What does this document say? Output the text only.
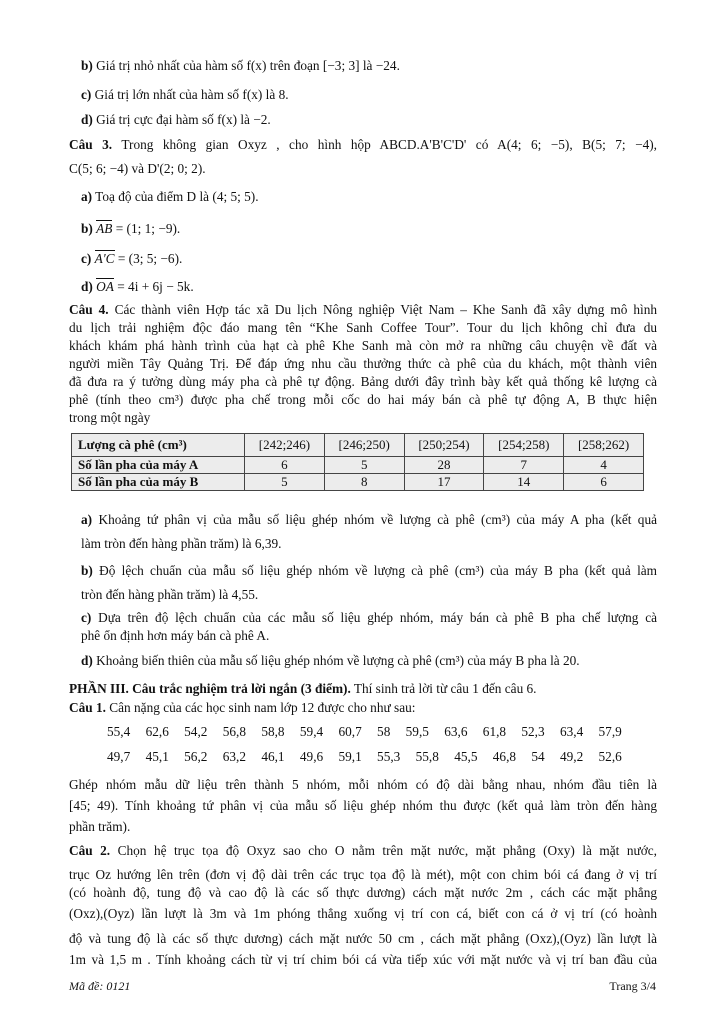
b) Giá trị nhỏ nhất của hàm số f(x) trên đoạn [−3; 3] là −24.
c) Giá trị lớn nhất của hàm số f(x) là 8.
d) Giá trị cực đại hàm số f(x) là −2.
Câu 3. Trong không gian Oxyz , cho hình hộp ABCD.A'B'C'D' có A(4; 6; −5), B(5; 7; −4),
C(5; 6; −4) và D'(2; 0; 2).
a) Toạ độ của điểm D là (4; 5; 5).
b) AB = (1; 1; −9).
c) A'C = (3; 5; −6).
d) OA = 4i + 6j − 5k.
Câu 4. Các thành viên Hợp tác xã Du lịch Nông nghiệp Việt Nam – Khe Sanh đã xây dựng mô hình
du lịch trải nghiệm độc đáo mang tên “Khe Sanh Coffee Tour”. Tour du lịch không chỉ đưa du
khách khám phá hành trình của hạt cà phê Khe Sanh mà còn mở ra những câu chuyện về đất và
người miền Tây Quảng Trị. Để đáp ứng nhu cầu thưởng thức cà phê của du khách, một thành viên
đã đưa ra ý tưởng dùng máy pha cà phê tự động. Bảng dưới đây trình bày kết quả thống kê lượng cà
phê (tính theo cm³) được pha chế trong mỗi cốc do hai máy bán cà phê tự động A, B thực hiện
trong một ngày
Lượng cà phê (cm³)	[242;246)	[246;250)	[250;254)	[254;258)	[258;262)
Số lần pha của máy A	6	5	28	7	4
Số lần pha của máy B	5	8	17	14	6
a) Khoảng tứ phân vị của mẫu số liệu ghép nhóm về lượng cà phê (cm³) của máy A pha (kết quả
làm tròn đến hàng phần trăm) là 6,39.
b) Độ lệch chuẩn của mẫu số liệu ghép nhóm về lượng cà phê (cm³) của máy B pha (kết quả làm
tròn đến hàng phần trăm) là 4,55.
c) Dựa trên độ lệch chuẩn của các mẫu số liệu ghép nhóm, máy bán cà phê B pha chế lượng cà
phê ổn định hơn máy bán cà phê A.
d) Khoảng biến thiên của mẫu số liệu ghép nhóm về lượng cà phê (cm³) của máy B pha là 20.
PHẦN III. Câu trắc nghiệm trả lời ngắn (3 điểm). Thí sinh trả lời từ câu 1 đến câu 6.
Câu 1. Cân nặng của các học sinh nam lớp 12 được cho như sau:
55,4 62,6 54,2 56,8 58,8 59,4 60,7 58 59,5 63,6 61,8 52,3 63,4 57,9
49,7 45,1 56,2 63,2 46,1 49,6 59,1 55,3 55,8 45,5 46,8 54 49,2 52,6
Ghép nhóm mẫu dữ liệu trên thành 5 nhóm, mỗi nhóm có độ dài bằng nhau, nhóm đầu tiên là
[45; 49). Tính khoảng tứ phân vị của mẫu số liệu ghép nhóm thu được (kết quả làm tròn đến hàng
phần trăm).
Câu 2. Chọn hệ trục tọa độ Oxyz sao cho O nằm trên mặt nước, mặt phẳng (Oxy) là mặt nước,
trục Oz hướng lên trên (đơn vị độ dài trên các trục tọa độ là mét), một con chim bói cá đang ở vị trí
(có hoành độ, tung độ và cao độ là các số thực dương) cách mặt nước 2m , cách các mặt phẳng
(Oxz),(Oyz) lần lượt là 3m và 1m phóng thẳng xuống vị trí con cá, biết con cá ở vị trí (có hoành
độ và tung độ là các số thực dương) cách mặt nước 50 cm , cách mặt phẳng (Oxz),(Oyz) lần lượt là
1m và 1,5 m . Tính khoảng cách từ vị trí chim bói cá vừa tiếp xúc với mặt nước và vị trí ban đầu của
Mã đề: 0121	Trang 3/4
